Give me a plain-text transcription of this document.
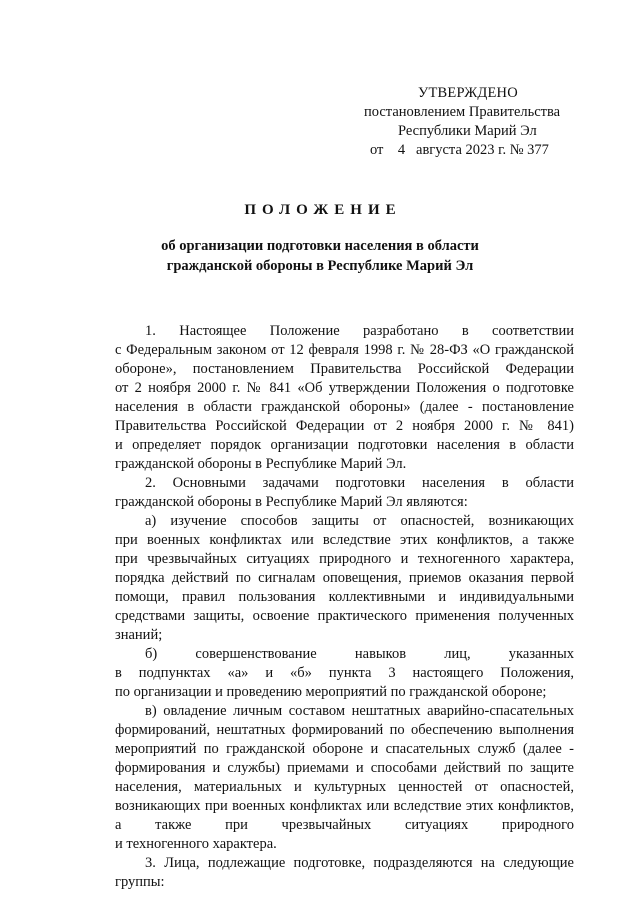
УТВЕРЖДЕНО
постановлением Правительства
Республики Марий Эл
от    4   августа 2023 г. № 377
ПОЛОЖЕНИЕ
об организации подготовки населения в области
гражданской обороны в Республике Марий Эл
1. Настоящее Положение разработано в соответствии
с Федеральным законом от 12 февраля 1998 г. № 28-ФЗ «О гражданской
обороне», постановлением Правительства Российской Федерации
от 2 ноября 2000 г. № 841 «Об утверждении Положения о подготовке
населения в области гражданской обороны» (далее - постановление
Правительства Российской Федерации от 2 ноября 2000 г. № 841)
и определяет порядок организации подготовки населения в области
гражданской обороны в Республике Марий Эл.
2. Основными задачами подготовки населения в области
гражданской обороны в Республике Марий Эл являются:
а) изучение способов защиты от опасностей, возникающих
при военных конфликтах или вследствие этих конфликтов, а также
при чрезвычайных ситуациях природного и техногенного характера,
порядка действий по сигналам оповещения, приемов оказания первой
помощи, правил пользования коллективными и индивидуальными
средствами защиты, освоение практического применения полученных
знаний;
б) совершенствование навыков лиц, указанных
в подпунктах «а» и «б» пункта 3 настоящего Положения,
по организации и проведению мероприятий по гражданской обороне;
в) овладение личным составом нештатных аварийно-спасательных
формирований, нештатных формирований по обеспечению выполнения
мероприятий по гражданской обороне и спасательных служб (далее -
формирования и службы) приемами и способами действий по защите
населения, материальных и культурных ценностей от опасностей,
возникающих при военных конфликтах или вследствие этих конфликтов,
а также при чрезвычайных ситуациях природного
и техногенного характера.
3. Лица, подлежащие подготовке, подразделяются на следующие
группы:
